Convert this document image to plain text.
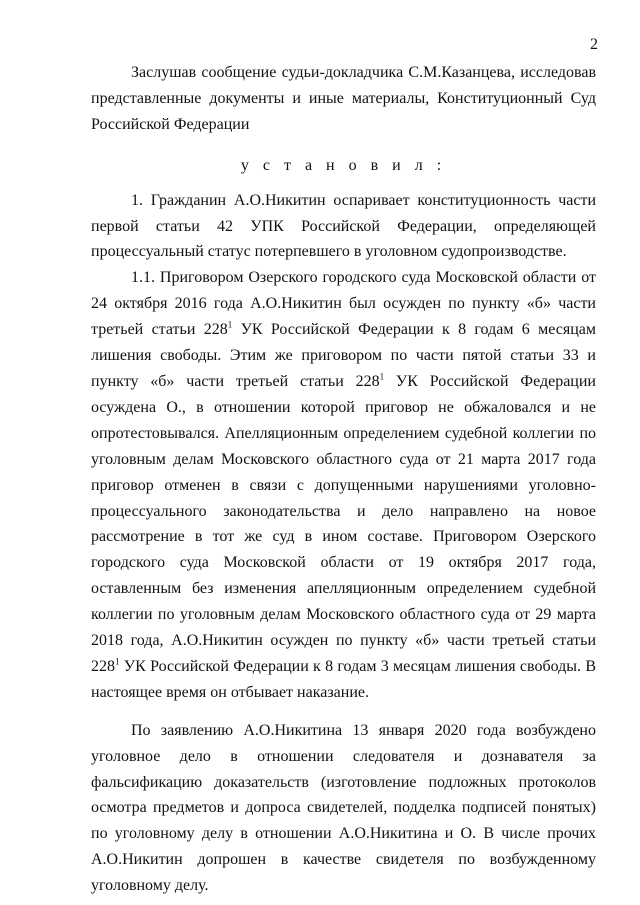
2

Заслушав сообщение судьи-докладчика С.М.Казанцева, исследовав представленные документы и иные материалы, Конституционный Суд Российской Федерации

у с т а н о в и л :

1. Гражданин А.О.Никитин оспаривает конституционность части первой статьи 42 УПК Российской Федерации, определяющей процессуальный статус потерпевшего в уголовном судопроизводстве.

1.1. Приговором Озерского городского суда Московской области от 24 октября 2016 года А.О.Никитин был осужден по пункту «б» части третьей статьи $228^1$ УК Российской Федерации к 8 годам 6 месяцам лишения свободы. Этим же приговором по части пятой статьи 33 и пункту «б» части третьей статьи $228^1$ УК Российской Федерации осуждена О., в отношении которой приговор не обжаловался и не опротестовывался. Апелляционным определением судебной коллегии по уголовным делам Московского областного суда от 21 марта 2017 года приговор отменен в связи с допущенными нарушениями уголовно-процессуального законодательства и дело направлено на новое рассмотрение в тот же суд в ином составе. Приговором Озерского городского суда Московской области от 19 октября 2017 года, оставленным без изменения апелляционным определением судебной коллегии по уголовным делам Московского областного суда от 29 марта 2018 года, А.О.Никитин осужден по пункту «б» части третьей статьи $228^1$ УК Российской Федерации к 8 годам 3 месяцам лишения свободы. В настоящее время он отбывает наказание.

По заявлению А.О.Никитина 13 января 2020 года возбуждено уголовное дело в отношении следователя и дознавателя за фальсификацию доказательств (изготовление подложных протоколов осмотра предметов и допроса свидетелей, подделка подписей понятых) по уголовному делу в отношении А.О.Никитина и О. В числе прочих А.О.Никитин допрошен в качестве свидетеля по возбужденному уголовному делу.
